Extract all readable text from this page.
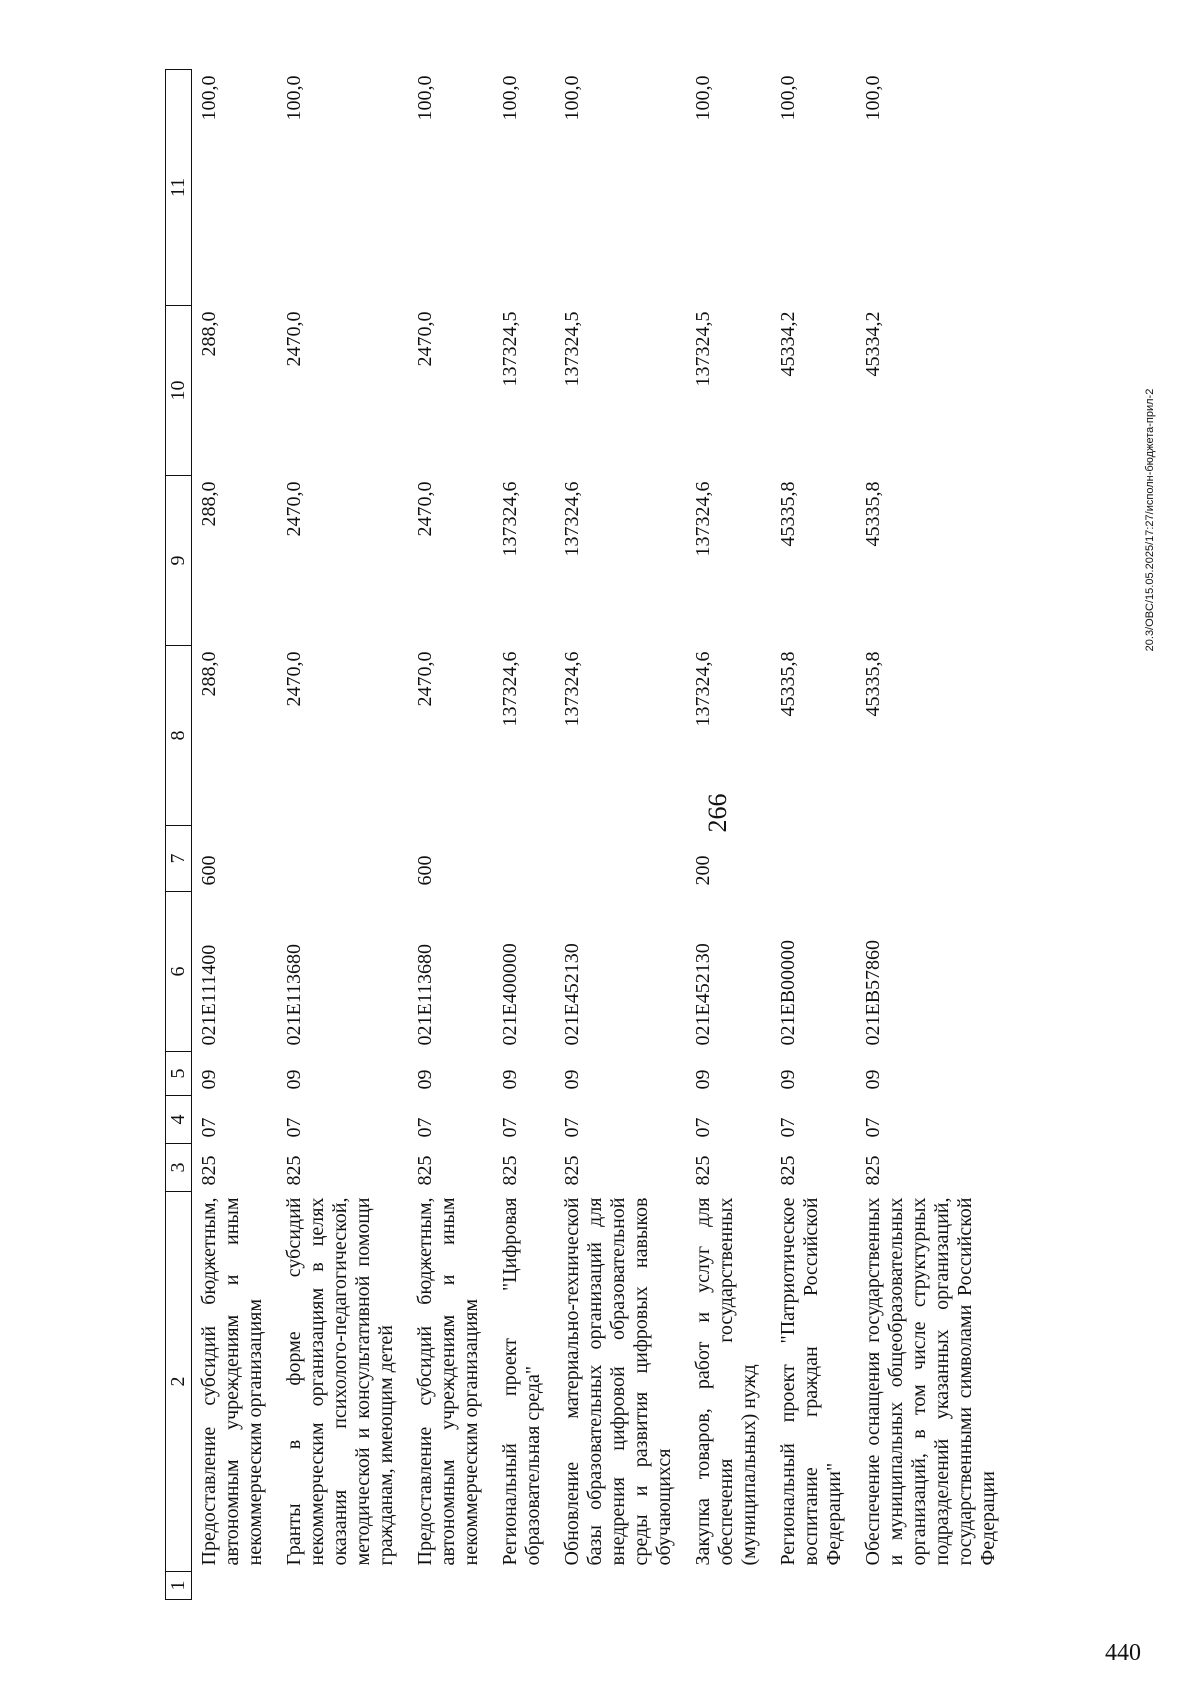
266
1	2	3	4	5	6	7	8	9	10	11
	Предоставление субсидий бюджетным, автономным учреждениям и иным некоммерческим организациям	825	07	09	021E111400	600	288,0	288,0	288,0	100,0
	Гранты в форме субсидий некоммерческим организациям в целях оказания психолого-педагогической, методической и консультативной помощи гражданам, имеющим детей	825	07	09	021E113680		2470,0	2470,0	2470,0	100,0
	Предоставление субсидий бюджетным, автономным учреждениям и иным некоммерческим организациям	825	07	09	021E113680	600	2470,0	2470,0	2470,0	100,0
	Региональный проект "Цифровая образовательная среда"	825	07	09	021E400000		137324,6	137324,6	137324,5	100,0
	Обновление материально-технической базы образовательных организаций для внедрения цифровой образовательной среды и развития цифровых навыков обучающихся	825	07	09	021E452130		137324,6	137324,6	137324,5	100,0
	Закупка товаров, работ и услуг для обеспечения государственных (муниципальных) нужд	825	07	09	021E452130	200	137324,6	137324,6	137324,5	100,0
	Региональный проект "Патриотическое воспитание граждан Российской Федерации"	825	07	09	021EB00000		45335,8	45335,8	45334,2	100,0
	Обеспечение оснащения государственных и муниципальных общеобразовательных организаций, в том числе структурных подразделений указанных организаций, государственными символами Российской Федерации	825	07	09	021EB57860		45335,8	45335,8	45334,2	100,0
20.3/OBC/15.05.2025/17:27/исполн-бюджета-прил-2
440
